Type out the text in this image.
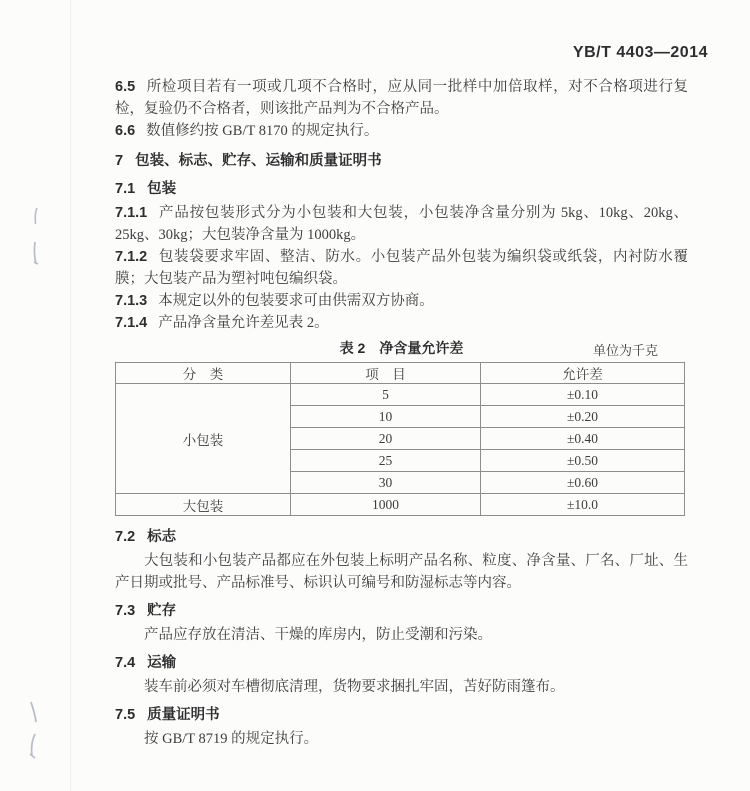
YB/T 4403—2014

6.5 所检项目若有一项或几项不合格时，应从同一批样中加倍取样，对不合格项进行复检，复验仍不合格者，则该批产品判为不合格产品。

6.6 数值修约按 GB/T 8170 的规定执行。

7 包装、标志、贮存、运输和质量证明书

7.1 包装

7.1.1 产品按包装形式分为小包装和大包装，小包装净含量分别为 5kg、10kg、20kg、25kg、30kg；大包装净含量为 1000kg。

7.1.2 包装袋要求牢固、整洁、防水。小包装产品外包装为编织袋或纸袋，内衬防水覆膜；大包装产品为塑衬吨包编织袋。

7.1.3 本规定以外的包装要求可由供需双方协商。

7.1.4 产品净含量允许差见表 2。

表 2　净含量允许差	单位为千克
分　类	项　目	允许差
小包装	5	±0.10
	10	±0.20
	20	±0.40
	25	±0.50
	30	±0.60
大包装	1000	±10.0

7.2 标志

大包装和小包装产品都应在外包装上标明产品名称、粒度、净含量、厂名、厂址、生产日期或批号、产品标准号、标识认可编号和防湿标志等内容。

7.3 贮存

产品应存放在清洁、干燥的库房内，防止受潮和污染。

7.4 运输

装车前必须对车槽彻底清理，货物要求捆扎牢固，苫好防雨篷布。

7.5 质量证明书

按 GB/T 8719 的规定执行。
